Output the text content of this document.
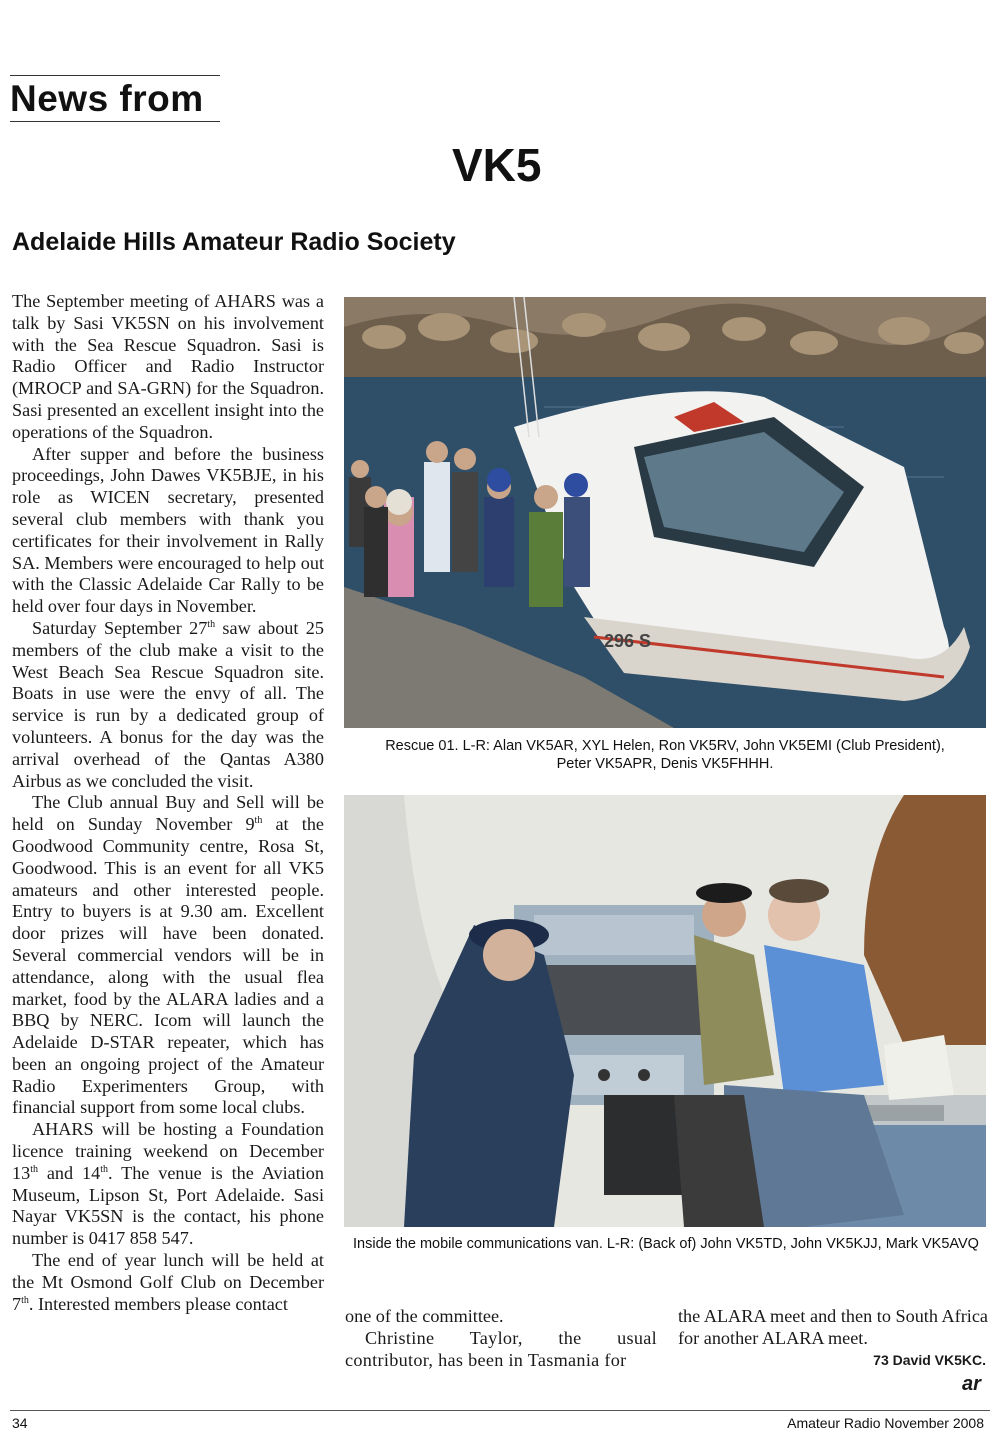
News from
VK5
Adelaide Hills Amateur Radio Society

The September meeting of AHARS was a talk by Sasi VK5SN on his involvement with the Sea Rescue Squadron. Sasi is Radio Officer and Radio Instructor (MROCP and SA-GRN) for the Squadron. Sasi presented an excellent insight into the operations of the Squadron.

After supper and before the business proceedings, John Dawes VK5BJE, in his role as WICEN secretary, presented several club members with thank you certificates for their involvement in Rally SA. Members were encouraged to help out with the Classic Adelaide Car Rally to be held over four days in November.

Saturday September 27th saw about 25 members of the club make a visit to the West Beach Sea Rescue Squadron site. Boats in use were the envy of all. The service is run by a dedicated group of volunteers. A bonus for the day was the arrival overhead of the Qantas A380 Airbus as we concluded the visit.

The Club annual Buy and Sell will be held on Sunday November 9th at the Goodwood Community centre, Rosa St, Goodwood. This is an event for all VK5 amateurs and other interested people. Entry to buyers is at 9.30 am. Excellent door prizes will have been donated. Several commercial vendors will be in attendance, along with the usual flea market, food by the ALARA ladies and a BBQ by NERC. Icom will launch the Adelaide D-STAR repeater, which has been an ongoing project of the Amateur Radio Experimenters Group, with financial support from some local clubs.

AHARS will be hosting a Foundation licence training weekend on December 13th and 14th. The venue is the Aviation Museum, Lipson St, Port Adelaide. Sasi Nayar VK5SN is the contact, his phone number is 0417 858 547.

The end of year lunch will be held at the Mt Osmond Golf Club on December 7th. Interested members please contact

296 S
Rescue 01. L-R: Alan VK5AR, XYL Helen, Ron VK5RV, John VK5EMI (Club President), Peter VK5APR, Denis VK5FHHH.
Inside the mobile communications van. L-R: (Back of) John VK5TD, John VK5KJJ, Mark VK5AVQ

one of the committee.

Christine Taylor, the usual contributor, has been in Tasmania for

the ALARA meet and then to South Africa for another ALARA meet.

73 David VK5KC.
ar
34	Amateur Radio November 2008
